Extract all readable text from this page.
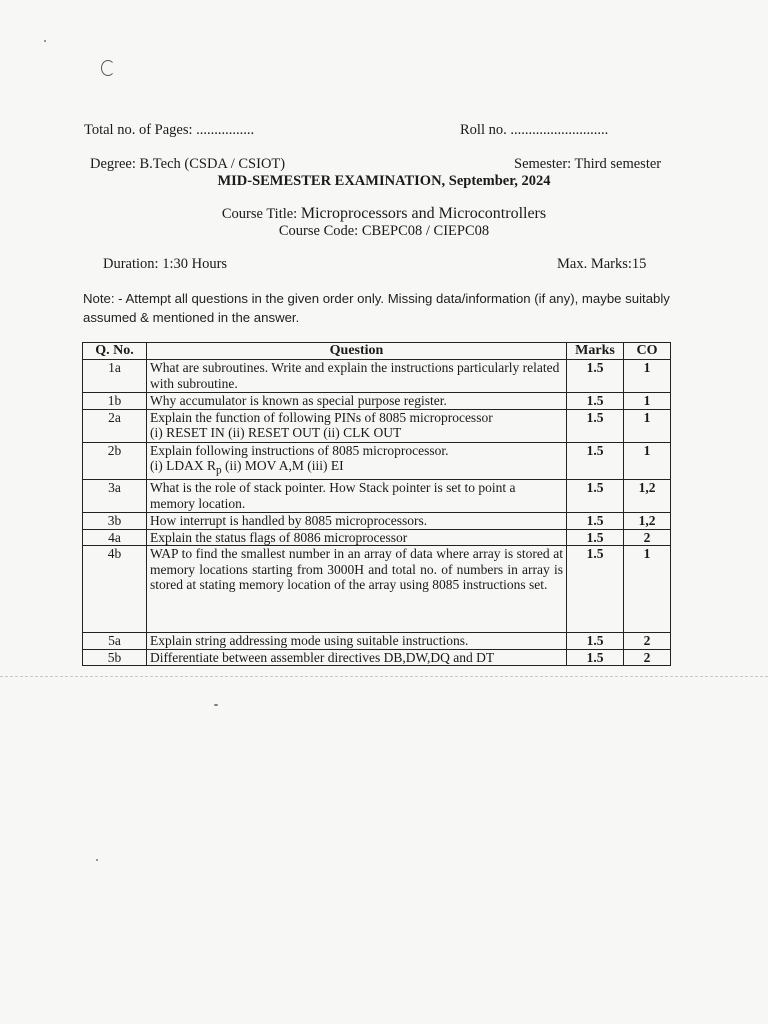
Total no. of Pages: ................	Roll no. ...........................
Degree: B.Tech (CSDA / CSIOT)	Semester: Third semester
MID-SEMESTER EXAMINATION, September, 2024
Course Title: Microprocessors and Microcontrollers
Course Code: CBEPC08 / CIEPC08
Duration: 1:30 Hours	Max. Marks:15
Note: - Attempt all questions in the given order only. Missing data/information (if any), maybe suitably assumed & mentioned in the answer.
Q. No.	Question	Marks	CO
1a	What are subroutines. Write and explain the instructions particularly related with subroutine.	1.5	1
1b	Why accumulator is known as special purpose register.	1.5	1
2a	Explain the function of following PINs of 8085 microprocessor
(i) RESET IN (ii) RESET OUT (ii) CLK OUT	1.5	1
2b	Explain following instructions of 8085 microprocessor.
(i) LDAX $R_p$ (ii) MOV A,M (iii) EI	1.5	1
3a	What is the role of stack pointer. How Stack pointer is set to point a memory location.	1.5	1,2
3b	How interrupt is handled by 8085 microprocessors.	1.5	1,2
4a	Explain the status flags of 8086 microprocessor	1.5	2
4b	WAP to find the smallest number in an array of data where array is stored at memory locations starting from 3000H and total no. of numbers in array is stored at stating memory location of the array using 8085 instructions set.	1.5	1
5a	Explain string addressing mode using suitable instructions.	1.5	2
5b	Differentiate between assembler directives DB,DW,DQ and DT	1.5	2
